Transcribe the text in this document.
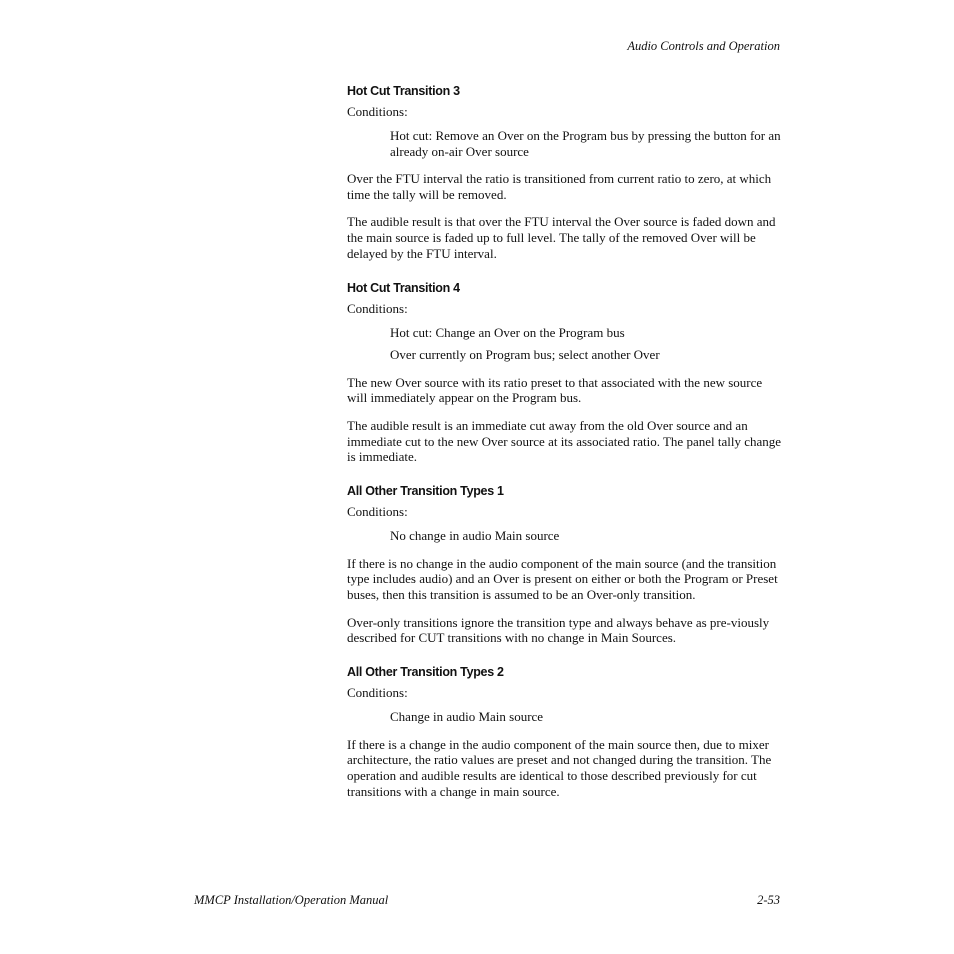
Audio Controls and Operation
Hot Cut Transition 3

Conditions:

Hot cut: Remove an Over on the Program bus by pressing the button for an already on-air Over source

Over the FTU interval the ratio is transitioned from current ratio to zero, at which time the tally will be removed.

The audible result is that over the FTU interval the Over source is faded down and the main source is faded up to full level. The tally of the removed Over will be delayed by the FTU interval.

Hot Cut Transition 4

Conditions:

Hot cut: Change an Over on the Program bus

Over currently on Program bus; select another Over

The new Over source with its ratio preset to that associated with the new source will immediately appear on the Program bus.

The audible result is an immediate cut away from the old Over source and an immediate cut to the new Over source at its associated ratio. The panel tally change is immediate.

All Other Transition Types 1

Conditions:

No change in audio Main source

If there is no change in the audio component of the main source (and the transition type includes audio) and an Over is present on either or both the Program or Preset buses, then this transition is assumed to be an Over-only transition.

Over-only transitions ignore the transition type and always behave as pre-viously described for CUT transitions with no change in Main Sources.

All Other Transition Types 2

Conditions:

Change in audio Main source

If there is a change in the audio component of the main source then, due to mixer architecture, the ratio values are preset and not changed during the transition. The operation and audible results are identical to those described previously for cut transitions with a change in main source.

MMCP Installation/Operation Manual	2-53
